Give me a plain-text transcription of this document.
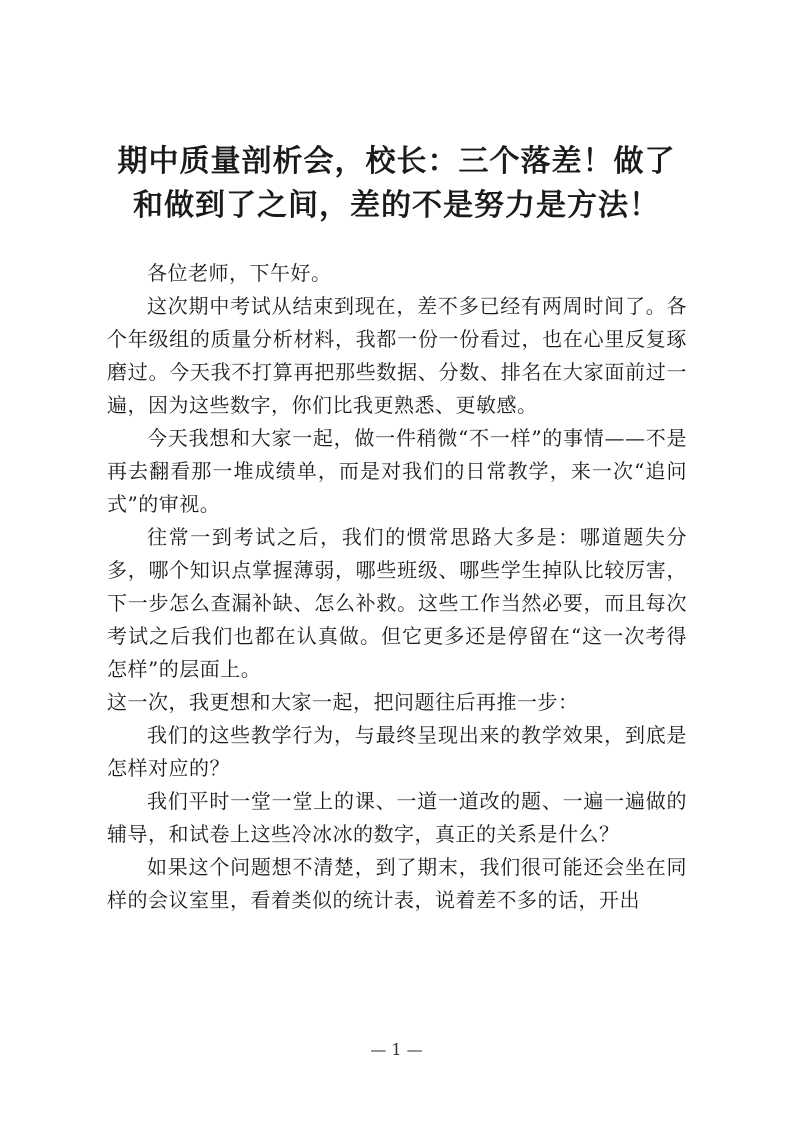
期中质量剖析会，校长：三个落差！做了
和做到了之间，差的不是努力是方法！

各位老师，下午好。

这次期中考试从结束到现在，差不多已经有两周时间了。各个年级组的质量分析材料，我都一份一份看过，也在心里反复琢磨过。今天我不打算再把那些数据、分数、排名在大家面前过一遍，因为这些数字，你们比我更熟悉、更敏感。

今天我想和大家一起，做一件稍微“不一样”的事情——不是再去翻看那一堆成绩单，而是对我们的日常教学，来一次“追问式”的审视。

往常一到考试之后，我们的惯常思路大多是：哪道题失分多，哪个知识点掌握薄弱，哪些班级、哪些学生掉队比较厉害，下一步怎么查漏补缺、怎么补救。这些工作当然必要，而且每次考试之后我们也都在认真做。但它更多还是停留在“这一次考得怎样”的层面上。

这一次，我更想和大家一起，把问题往后再推一步：

我们的这些教学行为，与最终呈现出来的教学效果，到底是怎样对应的？

我们平时一堂一堂上的课、一道一道改的题、一遍一遍做的辅导，和试卷上这些冷冰冰的数字，真正的关系是什么？

如果这个问题想不清楚，到了期末，我们很可能还会坐在同样的会议室里，看着类似的统计表，说着差不多的话，开出

— 1 —
